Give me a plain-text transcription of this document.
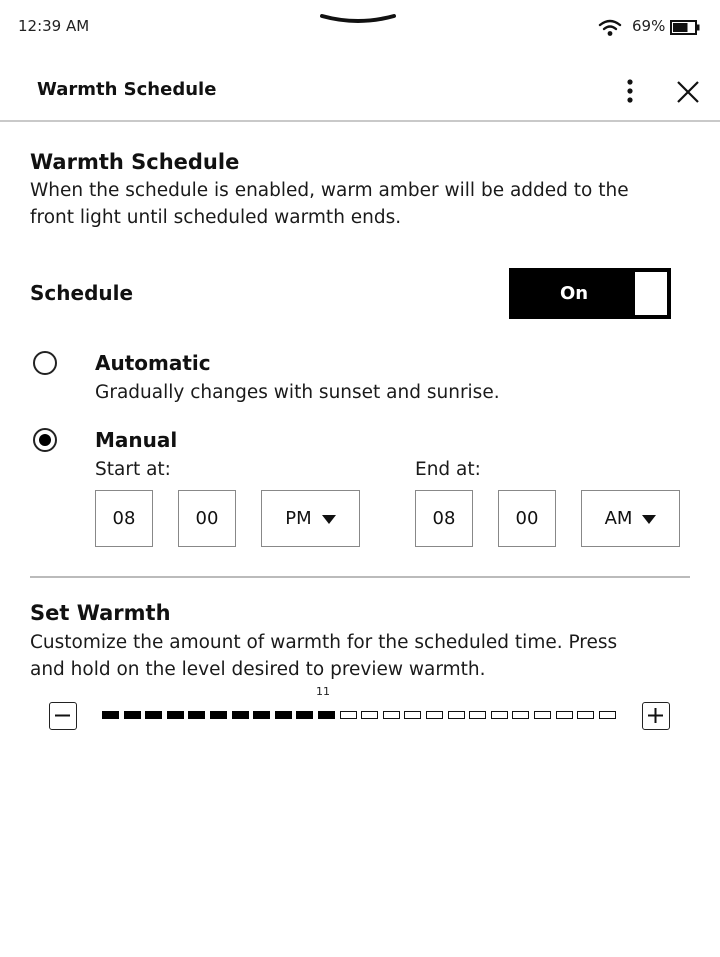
12:39 AM	69%
Warmth Schedule
Warmth Schedule
When the schedule is enabled, warm amber will be added to the
front light until scheduled warmth ends.
Schedule	On
Automatic
Gradually changes with sunset and sunrise.
Manual
Start at:	End at:
08	00	PM	08	00	AM
Set Warmth
Customize the amount of warmth for the scheduled time. Press
and hold on the level desired to preview warmth.
11
